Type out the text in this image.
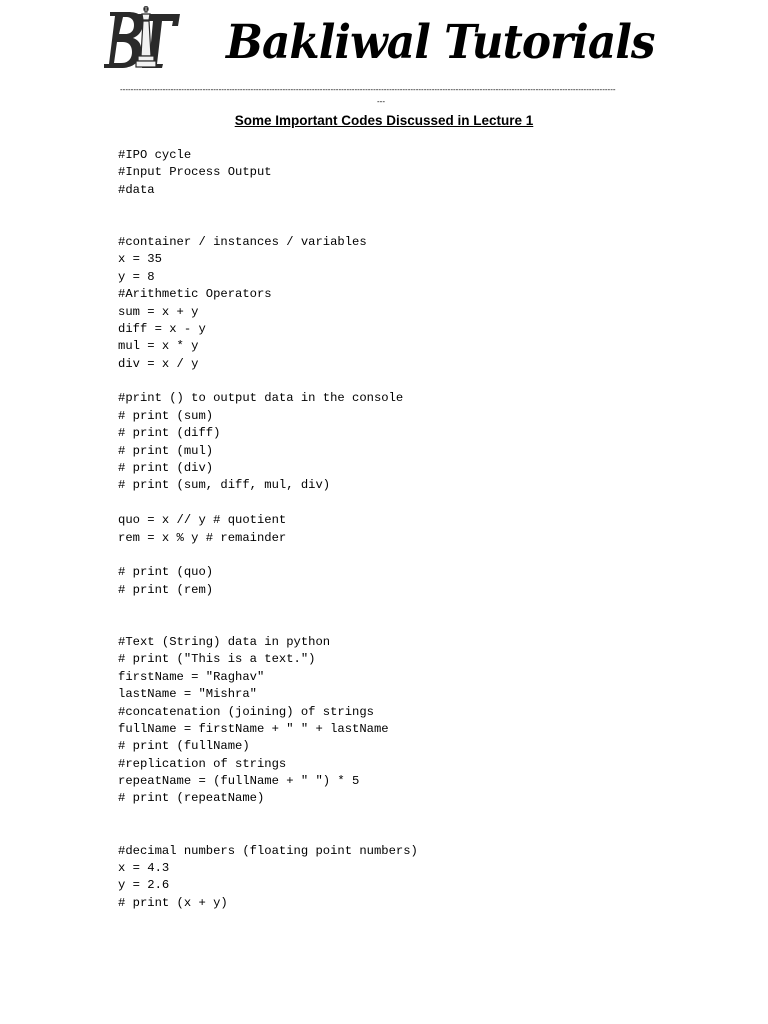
Bakliwal Tutorials
------------------------------------------------------------------------------------------------------------------------------------------------------------------------------------------
---
Some Important Codes Discussed in Lecture 1
#IPO cycle
#Input Process Output
#data
#container / instances / variables
x = 35
y = 8
#Arithmetic Operators
sum = x + y
diff = x - y
mul = x * y
div = x / y
#print () to output data in the console
# print (sum)
# print (diff)
# print (mul)
# print (div)
# print (sum, diff, mul, div)
quo = x // y # quotient
rem = x % y # remainder
# print (quo)
# print (rem)
#Text (String) data in python
# print ("This is a text.")
firstName = "Raghav"
lastName = "Mishra"
#concatenation (joining) of strings
fullName = firstName + " " + lastName
# print (fullName)
#replication of strings
repeatName = (fullName + " ") * 5
# print (repeatName)
#decimal numbers (floating point numbers)
x = 4.3
y = 2.6
# print (x + y)
